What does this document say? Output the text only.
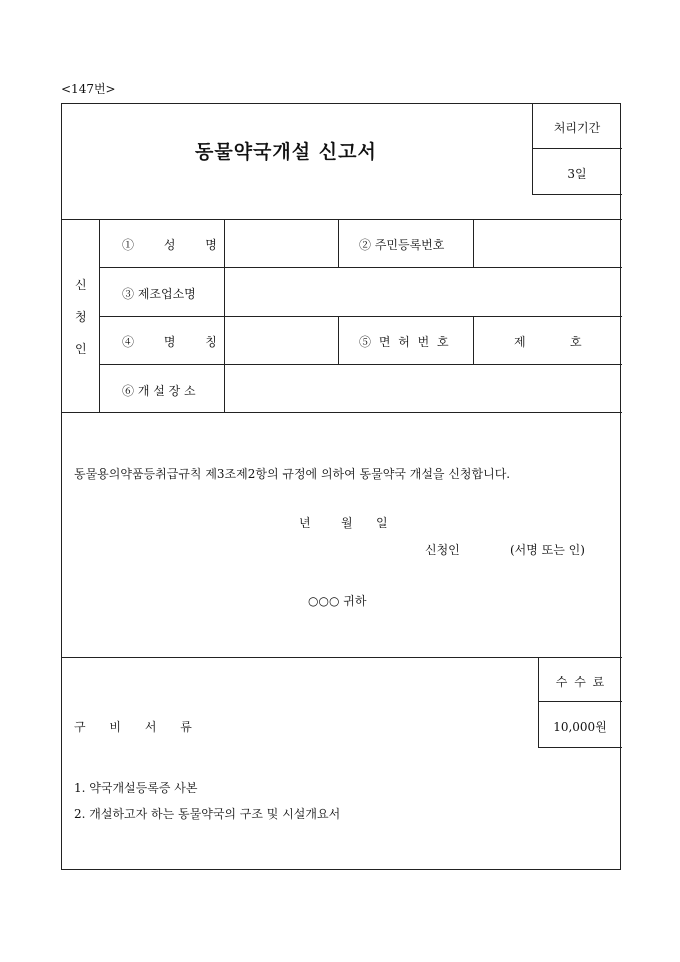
<147번>
동물약국개설 신고서
처리기간
3일
신
청
인
① 성 명	② 주민등록번호
③ 제조업소명
④ 명 칭	⑤ 면 허 번 호	제	호
⑥ 개 설 장 소
동물용의약품등취급규칙 제3조제2항의 규정에 의하여 동물약국 개설을 신청합니다.
년	월 일
신청인	(서명 또는 인)
○○○ 귀하
수 수 료
10,000원
구 비 서 류
1. 약국개설등록증 사본
2. 개설하고자 하는 동물약국의 구조 및 시설개요서
